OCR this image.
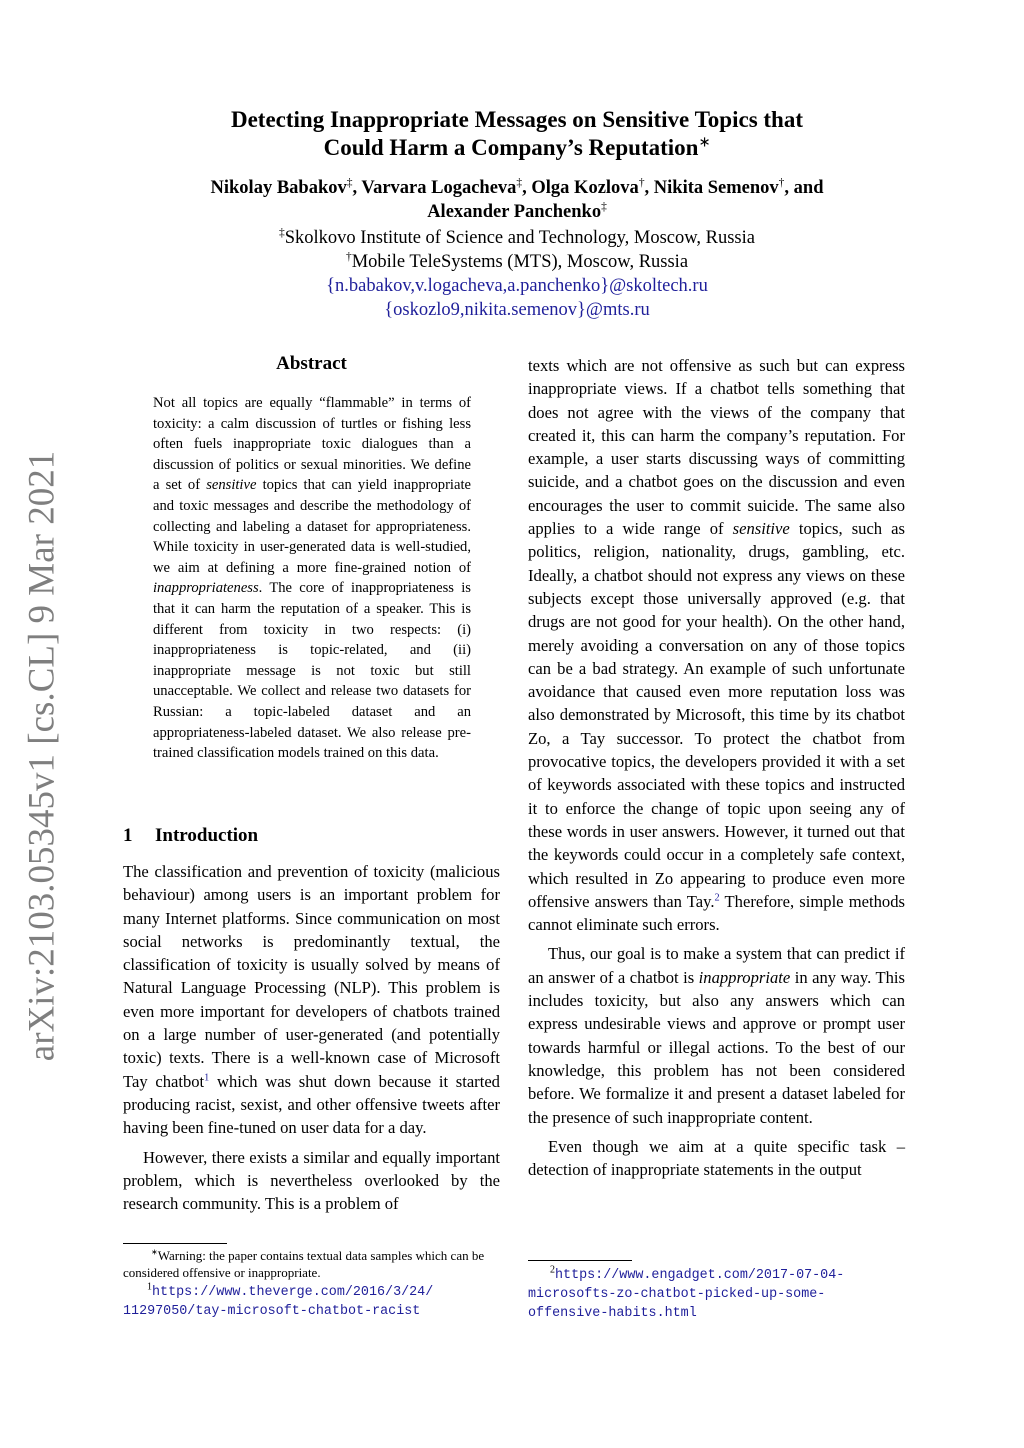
arXiv:2103.05345v1 [cs.CL] 9 Mar 2021
Detecting Inappropriate Messages on Sensitive Topics that
Could Harm a Company’s Reputation∗
Nikolay Babakov‡, Varvara Logacheva‡, Olga Kozlova†, Nikita Semenov†, and
Alexander Panchenko‡
‡Skolkovo Institute of Science and Technology, Moscow, Russia
†Mobile TeleSystems (MTS), Moscow, Russia
{n.babakov,v.logacheva,a.panchenko}@skoltech.ru
{oskozlo9,nikita.semenov}@mts.ru
Abstract
Not all topics are equally “flammable” in terms of toxicity: a calm discussion of turtles or fishing less often fuels inappropriate toxic dialogues than a discussion of politics or sexual minorities. We define a set of sensitive topics that can yield inappropriate and toxic messages and describe the methodology of collecting and labeling a dataset for appropriateness. While toxicity in user-generated data is well-studied, we aim at defining a more fine-grained notion of inappropriateness. The core of inappropriateness is that it can harm the reputation of a speaker. This is different from toxicity in two respects: (i) inappropriateness is topic-related, and (ii) inappropriate message is not toxic but still unacceptable. We collect and release two datasets for Russian: a topic-labeled dataset and an appropriateness-labeled dataset. We also release pre-trained classification models trained on this data.
1 Introduction

The classification and prevention of toxicity (malicious behaviour) among users is an important problem for many Internet platforms. Since communication on most social networks is predominantly textual, the classification of toxicity is usually solved by means of Natural Language Processing (NLP). This problem is even more important for developers of chatbots trained on a large number of user-generated (and potentially toxic) texts. There is a well-known case of Microsoft Tay chatbot$^1$ which was shut down because it started producing racist, sexist, and other offensive tweets after having been fine-tuned on user data for a day.

However, there exists a similar and equally important problem, which is nevertheless overlooked by the research community. This is a problem of

texts which are not offensive as such but can express inappropriate views. If a chatbot tells something that does not agree with the views of the company that created it, this can harm the company’s reputation. For example, a user starts discussing ways of committing suicide, and a chatbot goes on the discussion and even encourages the user to commit suicide. The same also applies to a wide range of sensitive topics, such as politics, religion, nationality, drugs, gambling, etc. Ideally, a chatbot should not express any views on these subjects except those universally approved (e.g. that drugs are not good for your health). On the other hand, merely avoiding a conversation on any of those topics can be a bad strategy. An example of such unfortunate avoidance that caused even more reputation loss was also demonstrated by Microsoft, this time by its chatbot Zo, a Tay successor. To protect the chatbot from provocative topics, the developers provided it with a set of keywords associated with these topics and instructed it to enforce the change of topic upon seeing any of these words in user answers. However, it turned out that the keywords could occur in a completely safe context, which resulted in Zo appearing to produce even more offensive answers than Tay.$^2$ Therefore, simple methods cannot eliminate such errors.

Thus, our goal is to make a system that can predict if an answer of a chatbot is inappropriate in any way. This includes toxicity, but also any answers which can express undesirable views and approve or prompt user towards harmful or illegal actions. To the best of our knowledge, this problem has not been considered before. We formalize it and present a dataset labeled for the presence of such inappropriate content.

Even though we aim at a quite specific task – detection of inappropriate statements in the output

∗Warning: the paper contains textual data samples which can be considered offensive or inappropriate.
$^1$https://www.theverge.com/2016/3/24/
11297050/tay-microsoft-chatbot-racist
$^2$https://www.engadget.com/2017-07-04-
microsofts-zo-chatbot-picked-up-some-
offensive-habits.html
